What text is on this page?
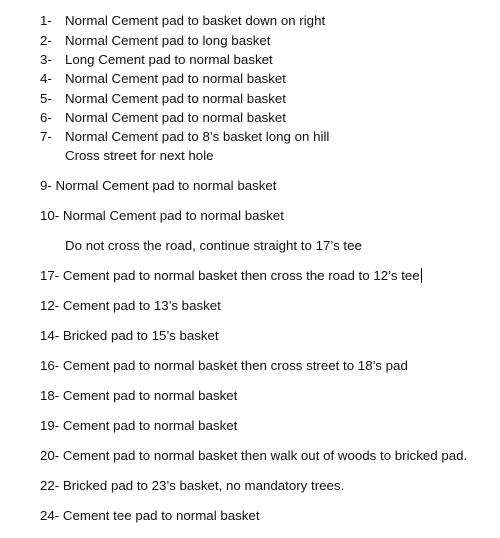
1- Normal Cement pad to basket down on right
2- Normal Cement pad to long basket
3- Long Cement pad to normal basket
4- Normal Cement pad to normal basket
5- Normal Cement pad to normal basket
6- Normal Cement pad to normal basket
7- Normal Cement pad to 8’s basket long on hill
Cross street for next hole
9- Normal Cement pad to normal basket
10- Normal Cement pad to normal basket
Do not cross the road, continue straight to 17’s tee
17- Cement pad to normal basket then cross the road to 12’s tee
12- Cement pad to 13’s basket
14- Bricked pad to 15’s basket
16- Cement pad to normal basket then cross street to 18’s pad
18- Cement pad to normal basket
19- Cement pad to normal basket
20- Cement pad to normal basket then walk out of woods to bricked pad.
22- Bricked pad to 23’s basket, no mandatory trees.
24- Cement tee pad to normal basket
